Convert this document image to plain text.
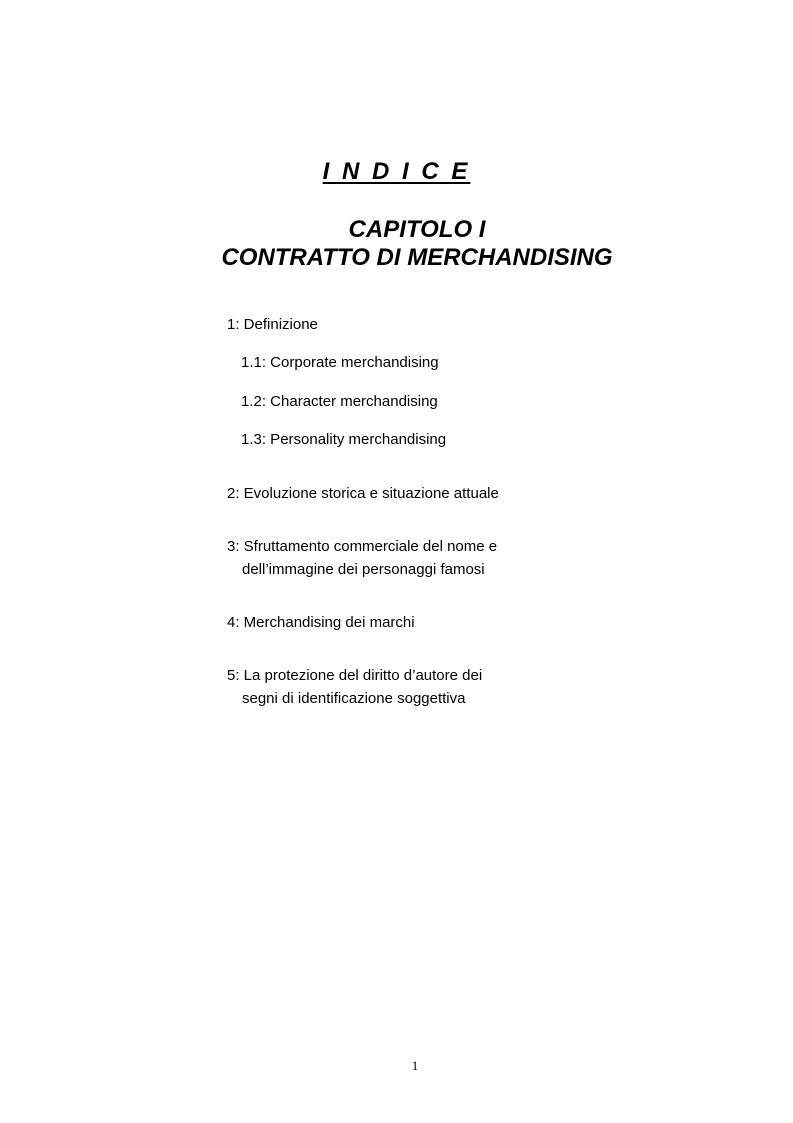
I N D I C E
CAPITOLO I
CONTRATTO DI MERCHANDISING
1: Definizione
1.1: Corporate merchandising
1.2: Character merchandising
1.3: Personality merchandising
2: Evoluzione storica e situazione attuale
3: Sfruttamento commerciale del nome e
dell’immagine dei personaggi famosi
4: Merchandising dei marchi
5: La protezione del diritto d’autore dei
segni di identificazione soggettiva
1
